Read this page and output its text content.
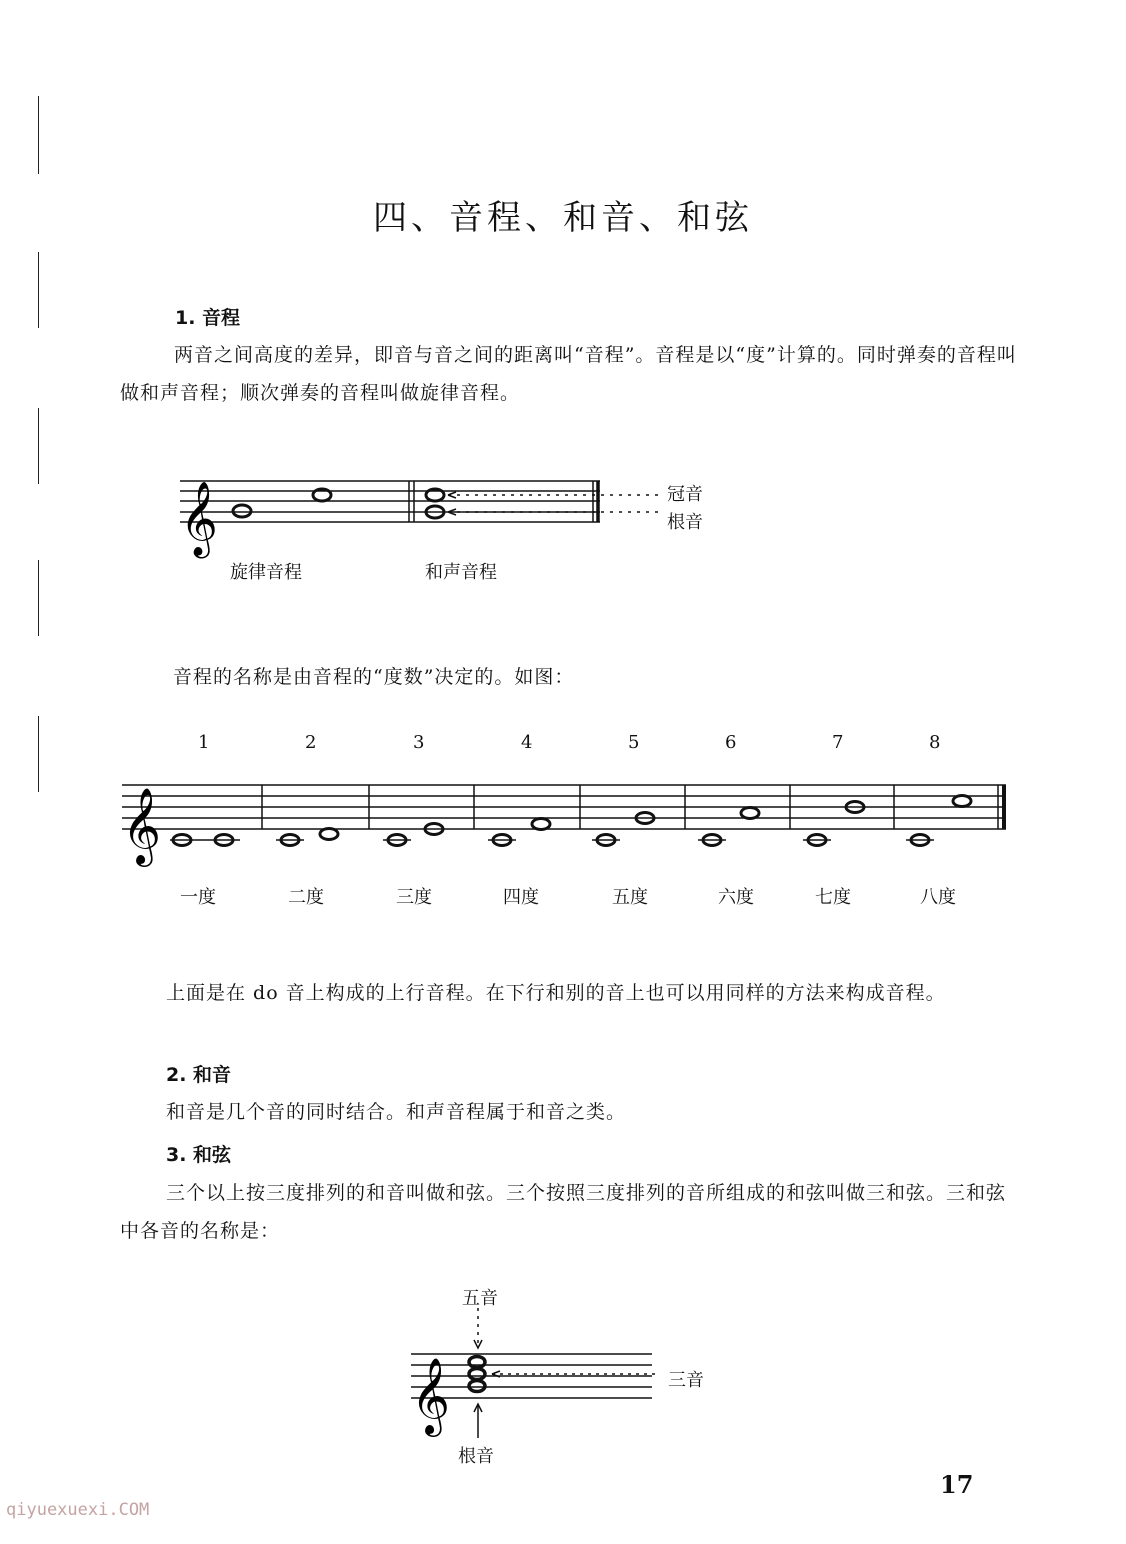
四、音程、和音、和弦
1. 音程
两音之间高度的差异，即音与音之间的距离叫“音程”。音程是以“度”计算的。同时弹奏的音程叫做和声音程；顺次弹奏的音程叫做旋律音程。
𝄞	冠音
根音
旋律音程	和声音程
音程的名称是由音程的“度数”决定的。如图：
1	2	3	4	5	6	7	8
𝄞
一度	二度	三度	四度	五度	六度	七度	八度
上面是在 do 音上构成的上行音程。在下行和别的音上也可以用同样的方法来构成音程。
2. 和音
和音是几个音的同时结合。和声音程属于和音之类。
3. 和弦
三个以上按三度排列的和音叫做和弦。三个按照三度排列的音所组成的和弦叫做三和弦。三和弦中各音的名称是：
五音
𝄞	三音
根音
17
qiyuexuexi.COM
